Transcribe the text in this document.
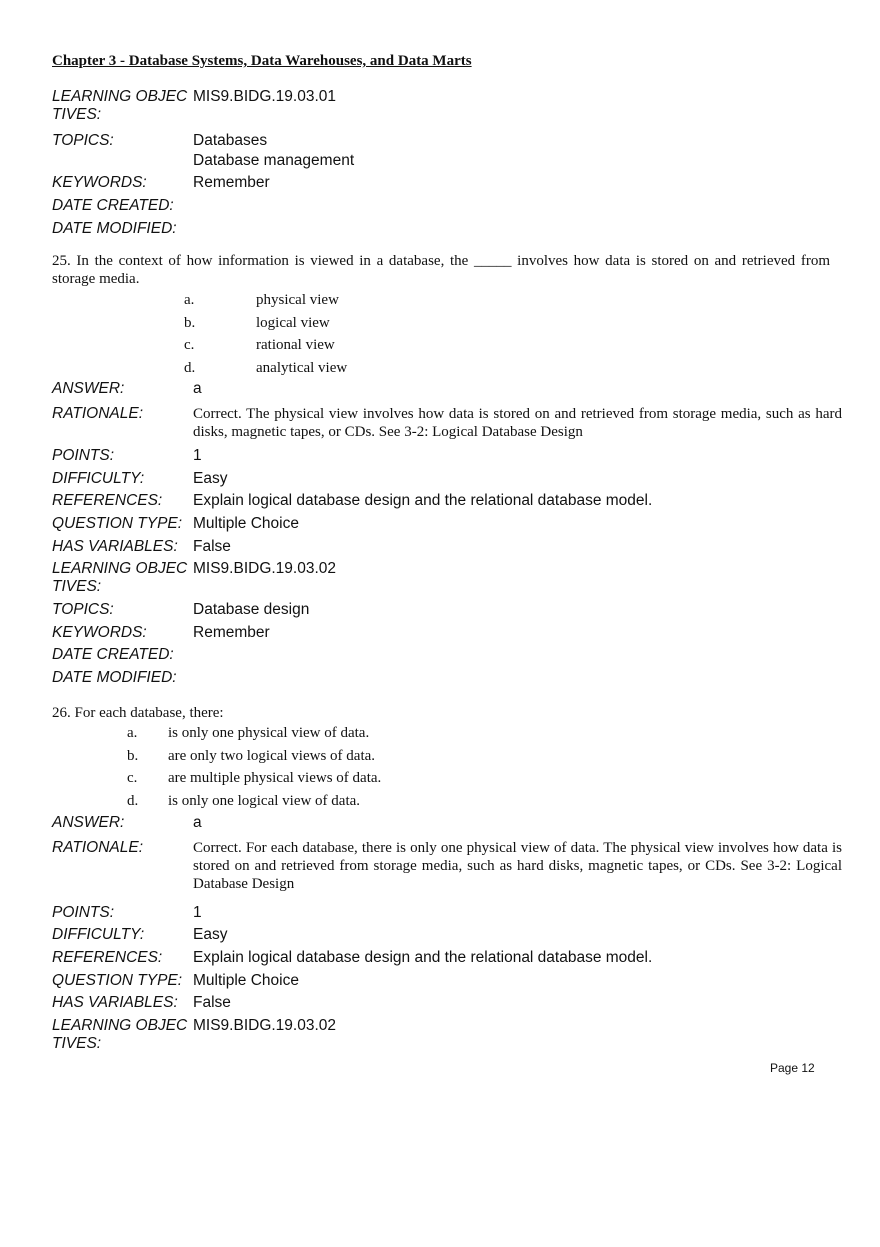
Chapter 3 - Database Systems, Data Warehouses, and Data Marts
LEARNING OBJECTIVES:
MIS9.BIDG.19.03.01
TOPICS:	Databases
Database management
KEYWORDS:	Remember
DATE CREATED:
DATE MODIFIED:
25. In the context of how information is viewed in a database, the _____ involves how data is stored on and retrieved from storage media.
a.	physical view
b.	logical view
c.	rational view
d.	analytical view
ANSWER:	a
RATIONALE:	Correct. The physical view involves how data is stored on and retrieved from storage media, such as hard disks, magnetic tapes, or CDs. See 3-2: Logical Database Design
POINTS:	1
DIFFICULTY:	Easy
REFERENCES:	Explain logical database design and the relational database model.
QUESTION TYPE: Multiple Choice
HAS VARIABLES: False
LEARNING OBJECTIVES:
MIS9.BIDG.19.03.02
TOPICS:	Database design
KEYWORDS:	Remember
DATE CREATED:
DATE MODIFIED:
26. For each database, there:
a. is only one physical view of data.
b. are only two logical views of data.
c. are multiple physical views of data.
d. is only one logical view of data.
ANSWER:	a
RATIONALE:	Correct. For each database, there is only one physical view of data. The physical view involves how data is stored on and retrieved from storage media, such as hard disks, magnetic tapes, or CDs. See 3-2: Logical Database Design
POINTS:	1
DIFFICULTY:	Easy
REFERENCES:	Explain logical database design and the relational database model.
QUESTION TYPE: Multiple Choice
HAS VARIABLES: False
LEARNING OBJECTIVES:
MIS9.BIDG.19.03.02
Page 12
